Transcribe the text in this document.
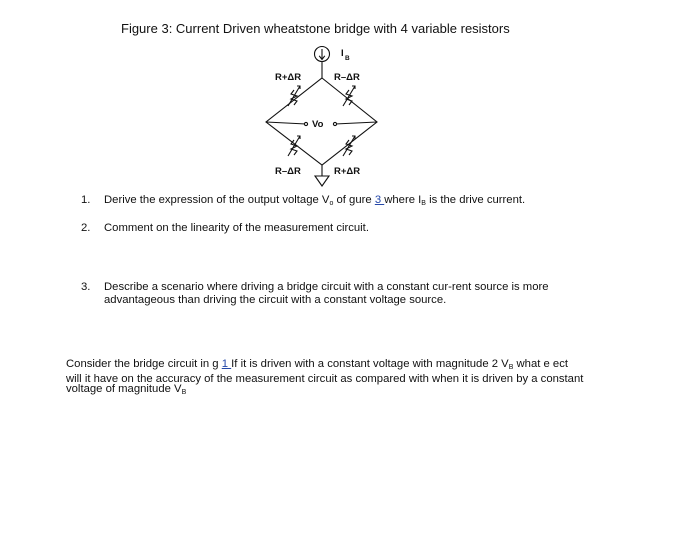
Figure 3: Current Driven wheatstone bridge with 4 variable resistors
I B
R+ΔR	R–ΔR
Vo
R–ΔR	R+ΔR
1. Derive the expression of the output voltage $V_o$ of gure 3 where $I_B$ is the drive current.
2. Comment on the linearity of the measurement circuit.
3. Describe a scenario where driving a bridge circuit with a constant cur-rent source is more advantageous than driving the circuit with a constant voltage source.
Consider the bridge circuit in g 1 If it is driven with a constant voltage with magnitude 2 $V_B$ what e ect will it have on the accuracy of the measurement circuit as compared with when it is driven by a constant voltage of magnitude $V_B$
